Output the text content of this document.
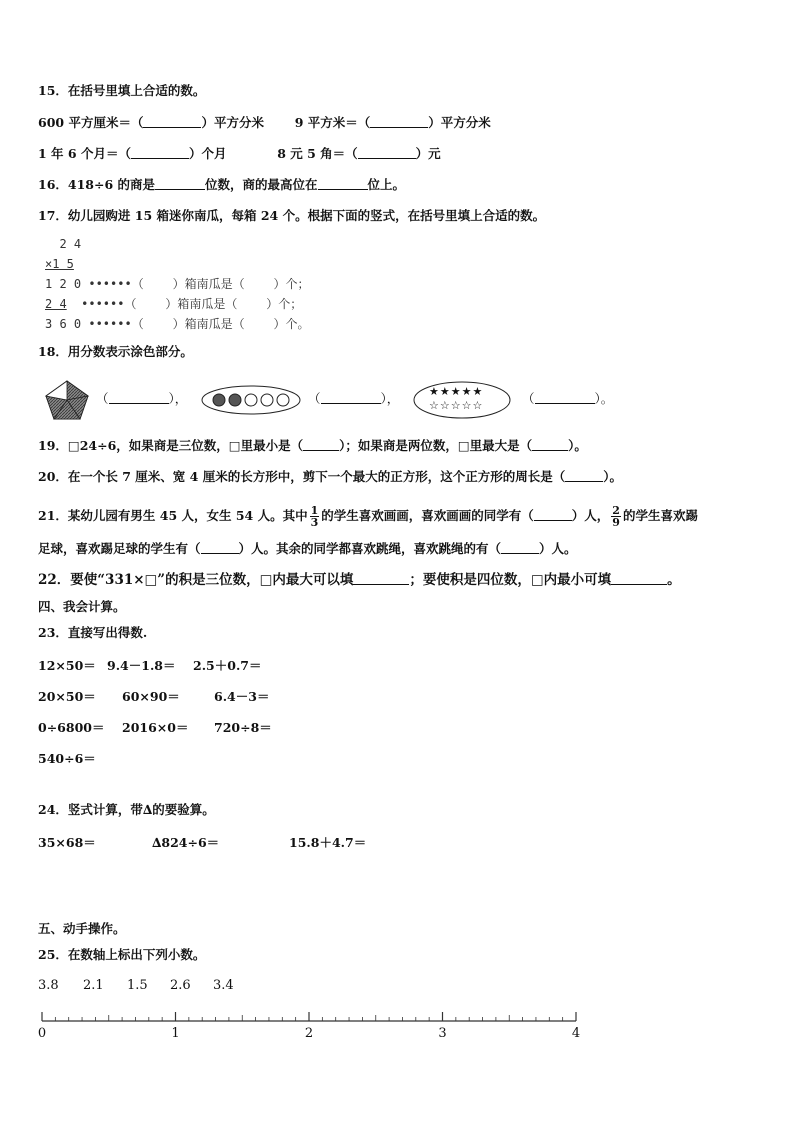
15．在括号里填上合适的数。
600 平方厘米＝（	）平方分米 9 平方米＝（	）平方分米
1 年 6 个月＝（	）个月	8 元 5 角＝（	）元
16．418÷6 的商是	位数，商的最高位在	位上。
17．幼儿园购进 15 箱迷你南瓜，每箱 24 个。根据下面的竖式，在括号里填上合适的数。
2 4
×1 5
1 2 0 ••••••（    ）箱南瓜是（    ）个；
2 4  ••••••（    ）箱南瓜是（    ）个；
3 6 0 ••••••（    ）箱南瓜是（    ）个。
18．用分数表示涂色部分。
（	），	（	），	★★★★★
☆☆☆☆☆	（	）。
19．□24÷6，如果商是三位数，□里最小是（	）；如果商是两位数，□里最大是（	）。
20．在一个长 7 厘米、宽 4 厘米的长方形中，剪下一个最大的正方形，这个正方形的周长是（	）。
21．某幼儿园有男生 45 人，女生 54 人。其中 $\frac{1}{3}$ 的学生喜欢画画，喜欢画画的同学有（	）人， $\frac{2}{9}$ 的学生喜欢踢
足球，喜欢踢足球的学生有（	）人。其余的同学都喜欢跳绳，喜欢跳绳的有（	）人。
22．要使“331×□”的积是三位数，□内最大可以填	；要使积是四位数，□内最小可填	。
四、我会计算。
23．直接写出得数.
12×50＝ 9.4－1.8＝ 2.5＋0.7＝
20×50＝ 60×90＝	6.4－3＝
0÷6800＝ 2016×0＝ 720÷8＝
540÷6＝
24．竖式计算，带∆的要验算。
35×68＝	∆824÷6＝	15.8＋4.7＝
五、动手操作。
25．在数轴上标出下列小数。
3.8 2.1 1.5 2.6 3.4
0	1	2	3	4
